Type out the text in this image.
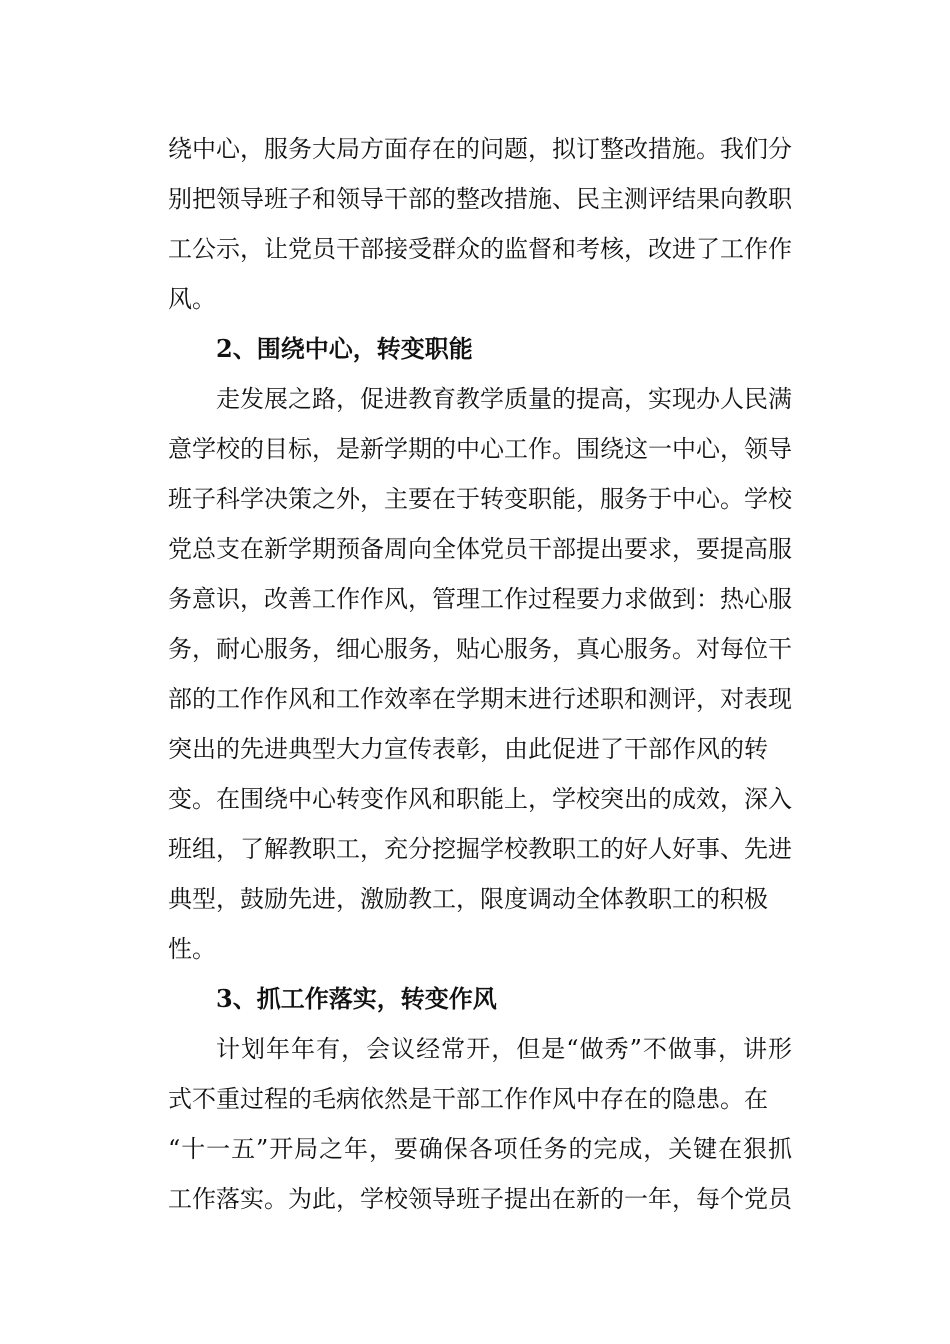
绕中心，服务大局方面存在的问题，拟订整改措施。我们分
别把领导班子和领导干部的整改措施、民主测评结果向教职
工公示，让党员干部接受群众的监督和考核，改进了工作作
风。
2、围绕中心，转变职能
走发展之路，促进教育教学质量的提高，实现办人民满
意学校的目标，是新学期的中心工作。围绕这一中心，领导
班子科学决策之外，主要在于转变职能，服务于中心。学校
党总支在新学期预备周向全体党员干部提出要求，要提高服
务意识，改善工作作风，管理工作过程要力求做到：热心服
务，耐心服务，细心服务，贴心服务，真心服务。对每位干
部的工作作风和工作效率在学期末进行述职和测评，对表现
突出的先进典型大力宣传表彰，由此促进了干部作风的转
变。在围绕中心转变作风和职能上，学校突出的成效，深入
班组，了解教职工，充分挖掘学校教职工的好人好事、先进
典型，鼓励先进，激励教工，限度调动全体教职工的积极
性。
3、抓工作落实，转变作风
计划年年有，会议经常开，但是“做秀”不做事，讲形
式不重过程的毛病依然是干部工作作风中存在的隐患。在
“十一五”开局之年，要确保各项任务的完成，关键在狠抓
工作落实。为此，学校领导班子提出在新的一年，每个党员
